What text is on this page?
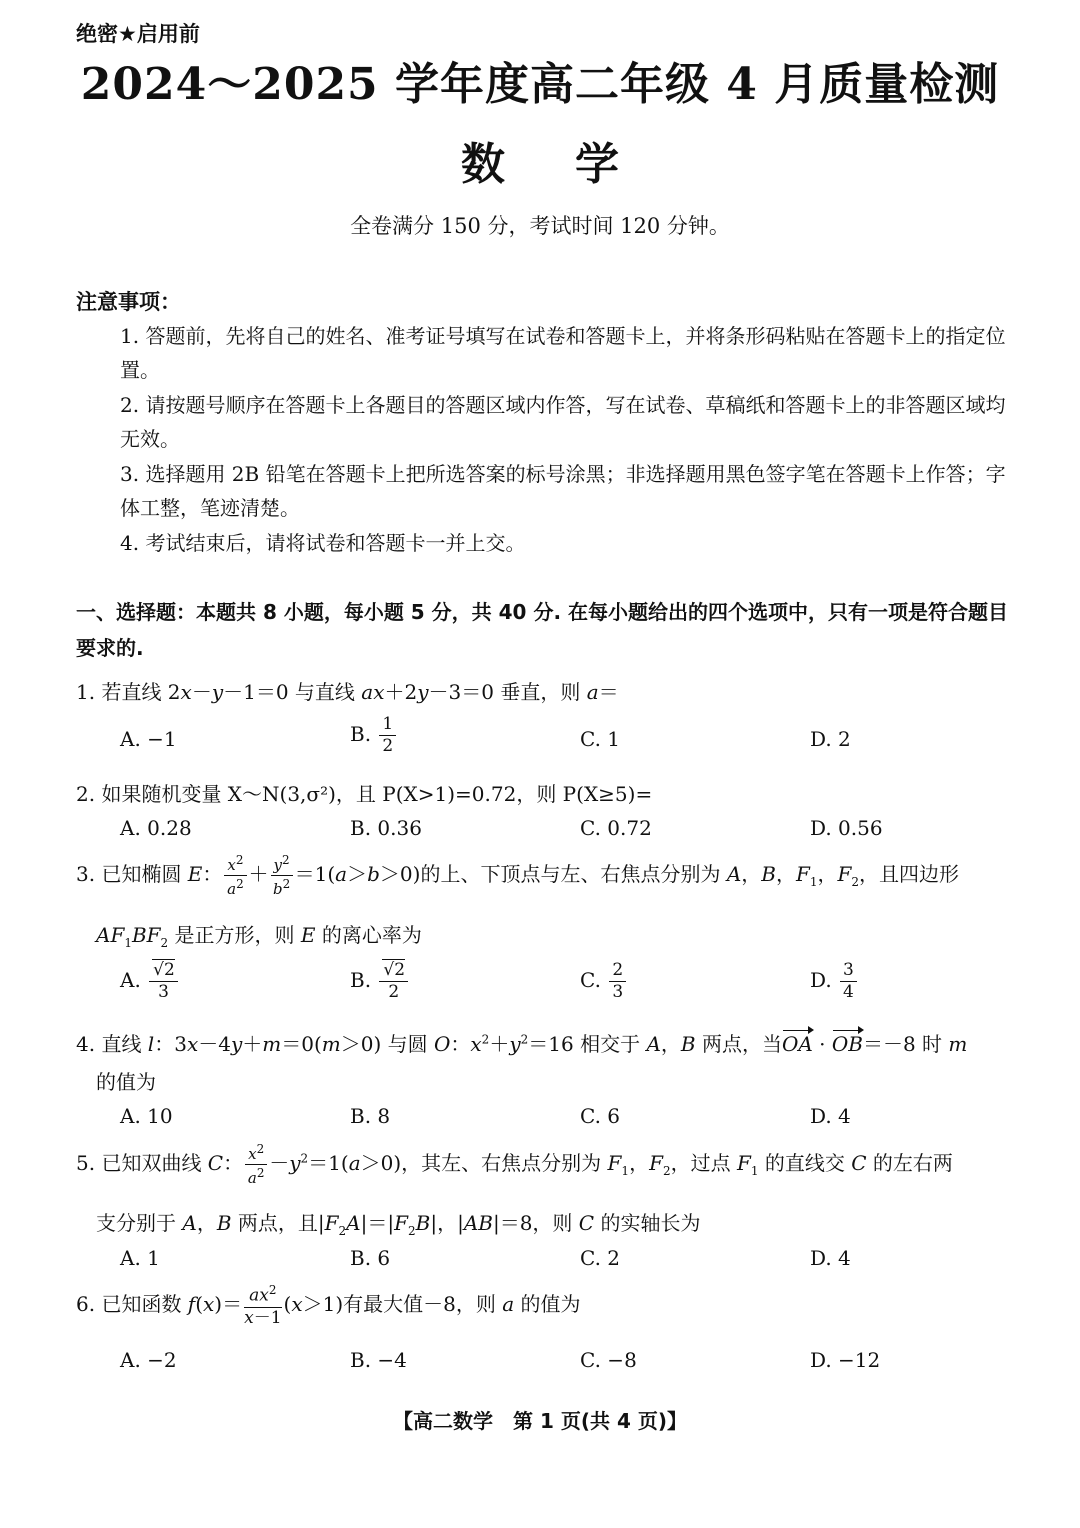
绝密★启用前
2024～2025 学年度高二年级 4 月质量检测
数学
全卷满分 150 分，考试时间 120 分钟。
注意事项：
1. 答题前，先将自己的姓名、准考证号填写在试卷和答题卡上，并将条形码粘贴在答题卡上的指定位置。
2. 请按题号顺序在答题卡上各题目的答题区域内作答，写在试卷、草稿纸和答题卡上的非答题区域均无效。
3. 选择题用 2B 铅笔在答题卡上把所选答案的标号涂黑；非选择题用黑色签字笔在答题卡上作答；字体工整，笔迹清楚。
4. 考试结束后，请将试卷和答题卡一并上交。
一、选择题：本题共 8 小题，每小题 5 分，共 40 分. 在每小题给出的四个选项中，只有一项是符合题目要求的.
1. 若直线 2x－y－1＝0 与直线 ax＋2y－3＝0 垂直，则 a＝
A. −1	B. $\frac{1}{2}$	C. 1	D. 2
2. 如果随机变量 X～N(3,σ²)，且 P(X>1)=0.72，则 P(X≥5)=
A. 0.28	B. 0.36	C. 0.72	D. 0.56
3. 已知椭圆 E： $\frac{x^2}{a^2} + \frac{y^2}{b^2} =1(a>b>0)$的上、下顶点与左、右焦点分别为 A，B，$F_1$，$F_2$，且四边形
$AF_1BF_2$ 是正方形，则 E 的离心率为
A. $\frac{√2}{3}$	B. $\frac{√2}{2}$	C. $\frac{2}{3}$	D. $\frac{3}{4}$
4. 直线 l：3x－4y＋m＝0(m＞0) 与圆 O：$x^2+y^2=16$ 相交于 A，B 两点，当OA · OB＝－8 时 m
的值为
A. 10	B. 8	C. 6	D. 4
5. 已知双曲线 C： $\frac{x^2}{a^2} -y^2=1(a>0)$，其左、右焦点分别为 $F_1$，$F_2$，过点 $F_1$ 的直线交 C 的左右两
支分别于 A，B 两点，且$|F_2A|=|F_2B|$，|AB|＝8，则 C 的实轴长为
A. 1	B. 6	C. 2	D. 4
6. 已知函数 $f(x)= \frac{ax^2}{x-1} (x>1)$有最大值－8，则 a 的值为
A. −2	B. −4	C. −8	D. −12
【高二数学　第 1 页(共 4 页)】
